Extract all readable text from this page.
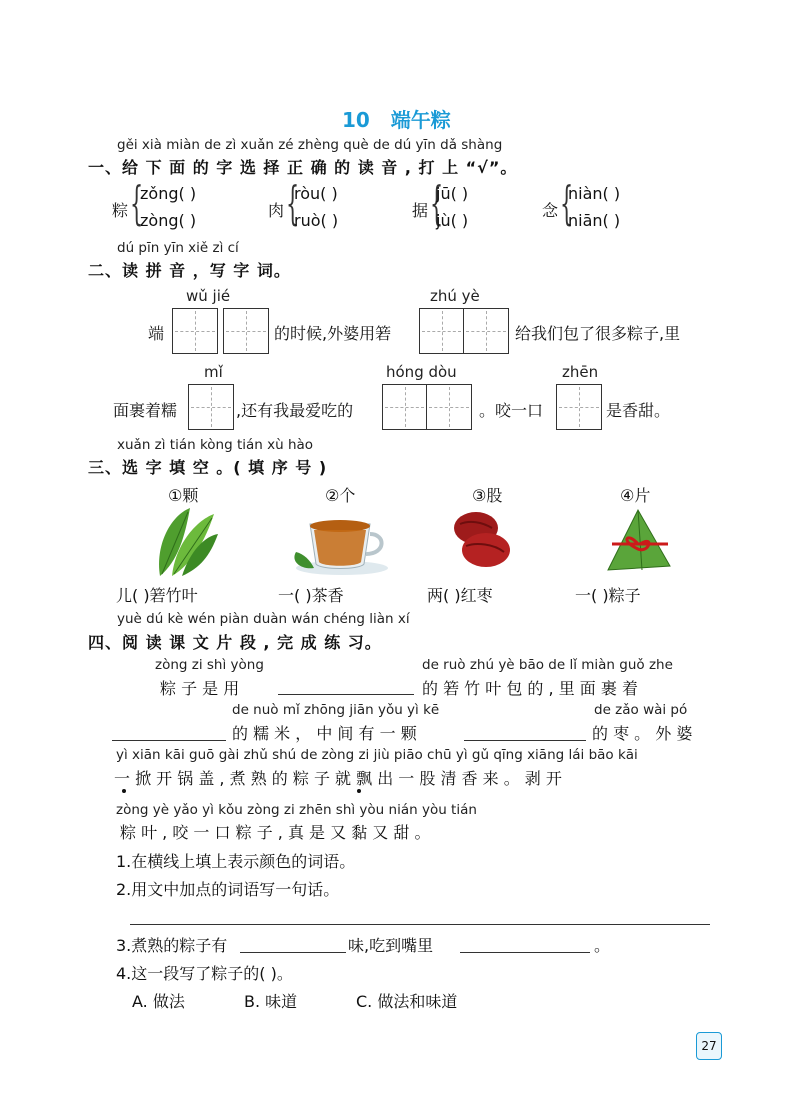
10 端午粽
gěi xià miàn de zì xuǎn zé zhèng què de dú yīn dǎ shàng
一、给 下 面 的 字 选 择 正 确 的 读 音 , 打 上 “√”。
粽 {
zǒng( )
zòng( )
肉 {
ròu( )
ruò( )
据 {
jū( )
jù( )
念 {
niàn( )
niān( )
dú pīn yīn xiě zì cí
二、读 拼 音 ，写 字 词。
wǔ jié	zhú yè
端	的时候,外婆用箬	给我们包了很多粽子,里
mǐ	hóng dòu	zhēn
面裹着糯	,还有我最爱吃的	。咬一口	是香甜。
xuǎn zì tián kòng tián xù hào
三、选 字 填 空 。( 填 序 号 )
①颗	②个	③股	④片
儿( )箬竹叶	一( )茶香	两( )红枣	一( )粽子
yuè dú kè wén piàn duàn wán chéng liàn xí
四、阅 读 课 文 片 段 , 完 成 练 习。
zòng zi shì yòng	de ruò zhú yè bāo de lǐ miàn guǒ zhe
粽 子 是 用	的 箬 竹 叶 包 的 , 里 面 裹 着
de nuò mǐ zhōng jiān yǒu yì kē	de zǎo wài pó
的 糯 米 ， 中 间 有 一 颗	的 枣 。 外 婆
yì xiān kāi guō gài zhǔ shú de zòng zi jiù piāo chū yì gǔ qīng xiāng lái bāo kāi
一 掀 开 锅 盖 , 煮 熟 的 粽 子 就 飘 出 一 股 清 香 来 。 剥 开
zòng yè yǎo yì kǒu zòng zi zhēn shì yòu nián yòu tián
粽 叶 , 咬 一 口 粽 子 , 真 是 又 黏 又 甜 。
1.在横线上填上表示颜色的词语。
2.用文中加点的词语写一句话。
3.煮熟的粽子有	味,吃到嘴里	。
4.这一段写了粽子的( )。
A. 做法	B. 味道	C. 做法和味道
27
